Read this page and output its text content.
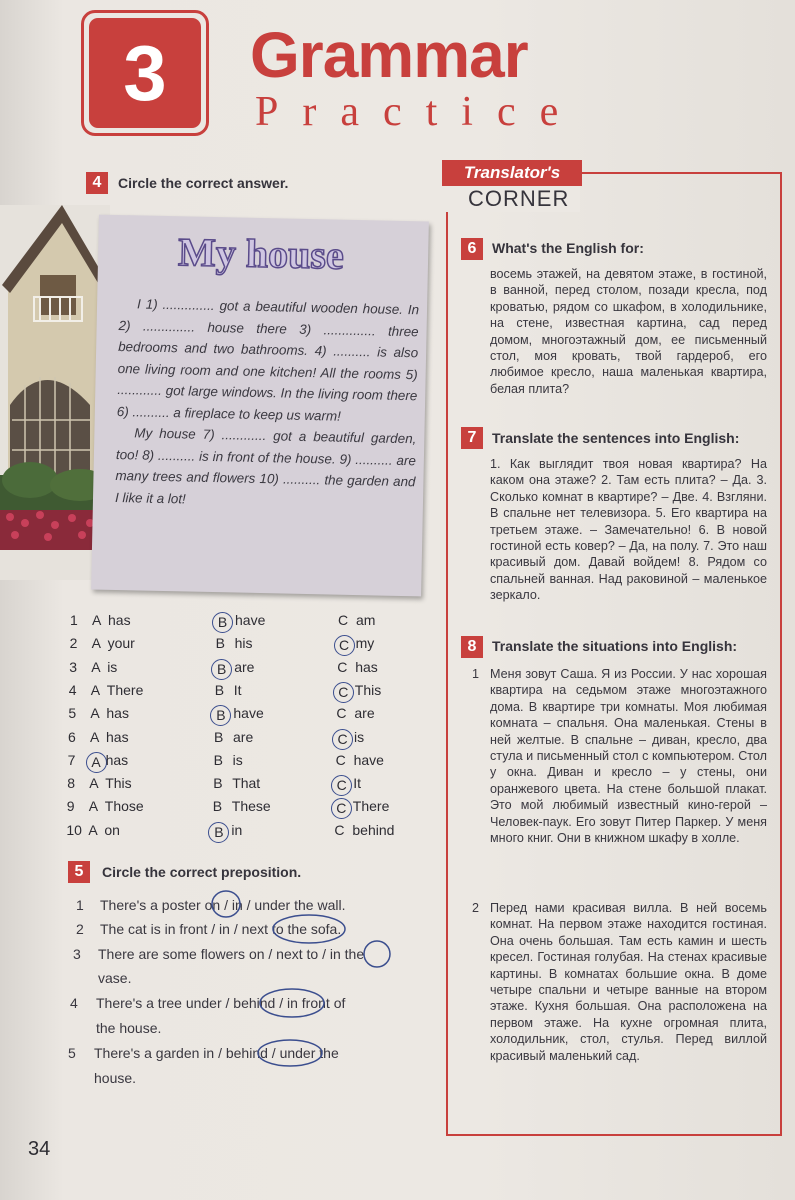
3	Grammar
Practice
4	Circle the correct answer.
My house
I 1) .............. got a beautiful wooden house. In 2) .............. house there 3) .............. three bedrooms and two bathrooms. 4) .......... is also one living room and one kitchen! All the rooms 5) ............ got large windows. In the living room there 6) .......... a fireplace to keep us warm!
My house 7) ............ got a beautiful garden, too! 8) .......... is in front of the house. 9) .......... are many trees and flowers 10) .......... the garden and I like it a lot!
1 A has	B have	C am
2 A your	B his	C my
3 A is	B are	C has
4 A There	B It	C This
5 A has	B have	C are
6 A has	B are	C is
7 A has	B is	C have
8 A This	B That	C It
9 A Those	B These	C There
10 A on	B in	C behind
5	Circle the correct preposition.
1 There's a poster on / in / under the wall.
2 The cat is in front / in / next to the sofa.
3 There are some flowers on / next to / in the
vase.
4 There's a tree under / behind / in front of
the house.
5 There's a garden in / behind / under the
house.
Translator's
CORNER
6	What's the English for:
восемь этажей, на девятом этаже, в гостиной, в ванной, перед столом, позади кресла, под кроватью, рядом со шкафом, в холодильнике, на стене, известная картина, сад перед домом, многоэтажный дом, ее письменный стол, моя кровать, твой гардероб, его любимое кресло, наша маленькая квартира, белая плита?
7	Translate the sentences into English:
1. Как выглядит твоя новая квартира? На каком она этаже? 2. Там есть плита? – Да. 3. Сколько комнат в квартире? – Две. 4. Взгляни. В спальне нет телевизора. 5. Его квартира на третьем этаже. – Замечательно! 6. В новой гостиной есть ковер? – Да, на полу. 7. Это наш красивый дом. Давай войдем! 8. Рядом со спальней ванная. Над раковиной – маленькое зеркало.
8	Translate the situations into English:
1 Меня зовут Саша. Я из России. У нас хорошая квартира на седьмом этаже многоэтажного дома. В квартире три комнаты. Моя любимая комната – спальня. Она маленькая. Стены в ней желтые. В спальне – диван, кресло, два стула и письменный стол с компьютером. Стол у окна. Диван и кресло – у стены, они оранжевого цвета. На стене большой плакат. Это мой любимый известный кино-герой – Человек-паук. Его зовут Питер Паркер. У меня много книг. Они в книжном шкафу в холле.
2 Перед нами красивая вилла. В ней восемь комнат. На первом этаже находится гостиная. Она очень большая. Там есть камин и шесть кресел. Гостиная голубая. На стенах красивые картины. В комнатах большие окна. В доме четыре спальни и четыре ванные на втором этаже. Кухня большая. Она расположена на первом этаже. На кухне огромная плита, холодильник, стол, стулья. Перед виллой красивый маленький сад.
34
